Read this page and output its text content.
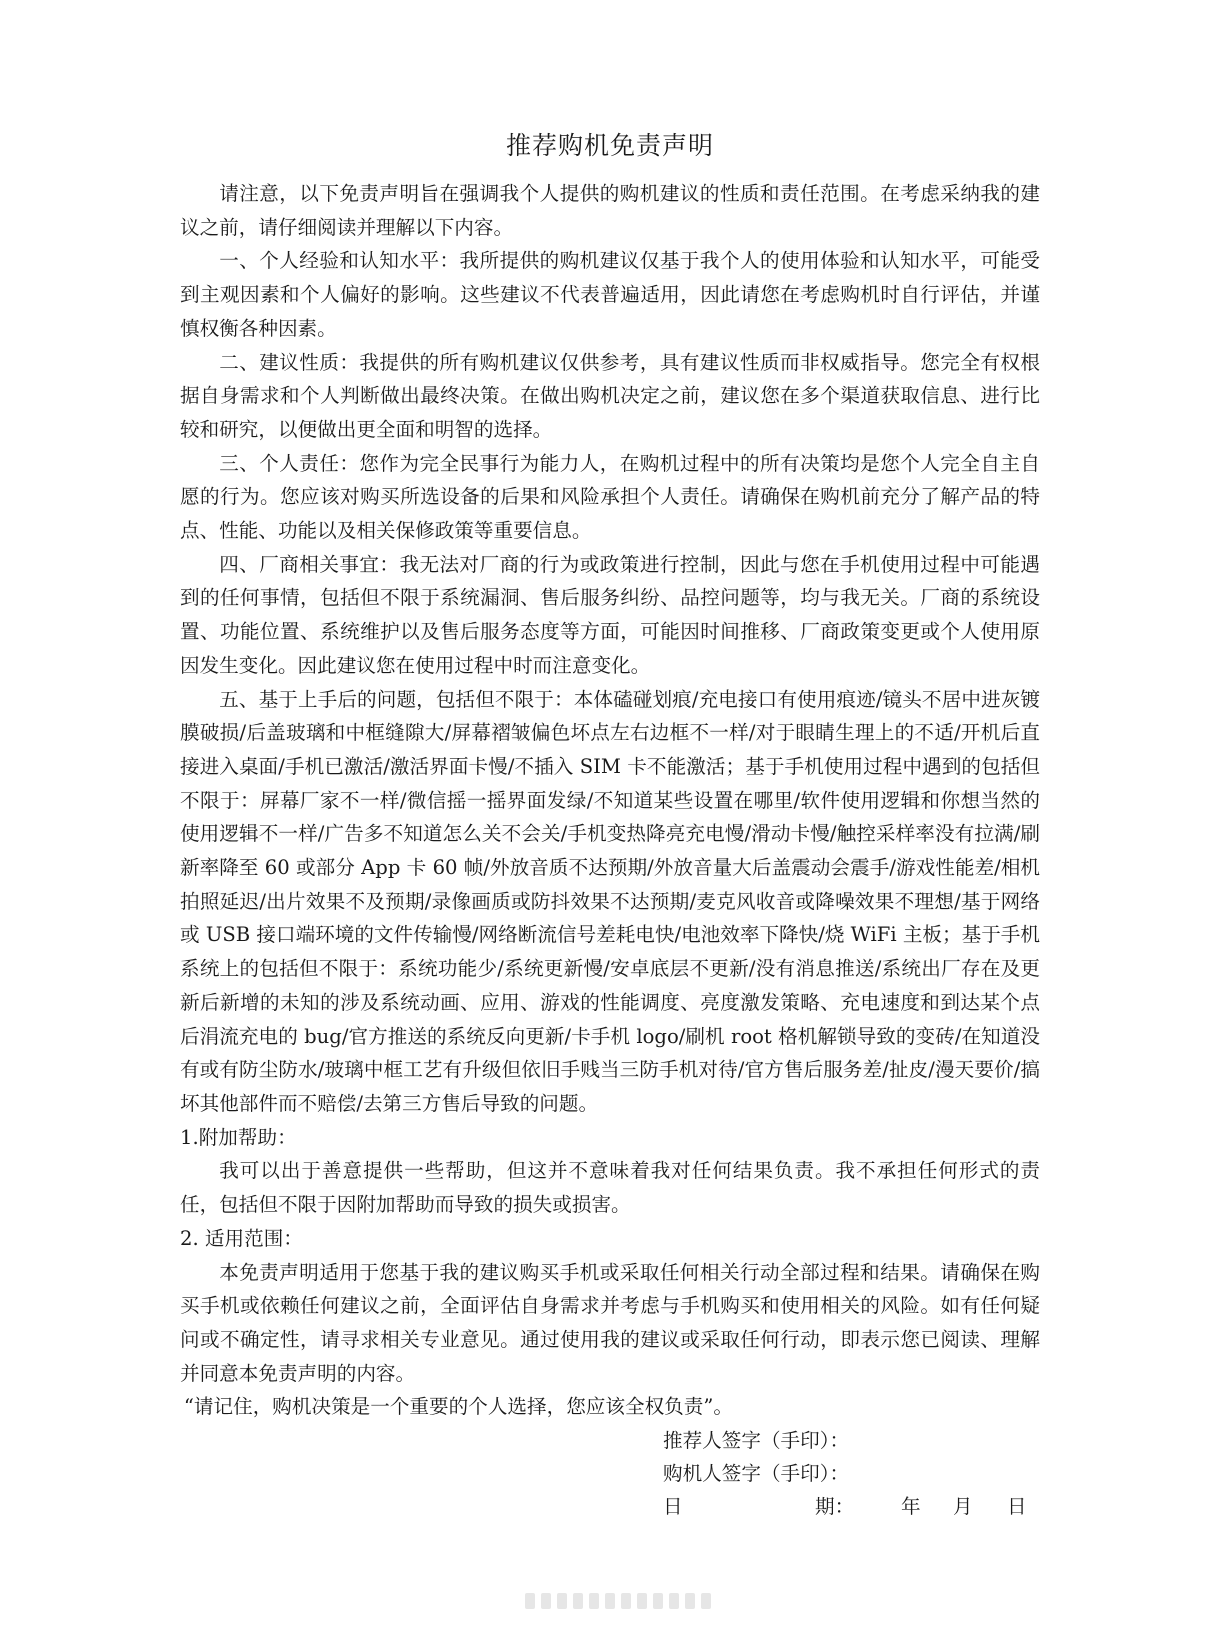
推荐购机免责声明

请注意，以下免责声明旨在强调我个人提供的购机建议的性质和责任范围。在考虑采纳我的建议之前，请仔细阅读并理解以下内容。

一、个人经验和认知水平：我所提供的购机建议仅基于我个人的使用体验和认知水平，可能受到主观因素和个人偏好的影响。这些建议不代表普遍适用，因此请您在考虑购机时自行评估，并谨慎权衡各种因素。

二、建议性质：我提供的所有购机建议仅供参考，具有建议性质而非权威指导。您完全有权根据自身需求和个人判断做出最终决策。在做出购机决定之前，建议您在多个渠道获取信息、进行比较和研究，以便做出更全面和明智的选择。

三、个人责任：您作为完全民事行为能力人，在购机过程中的所有决策均是您个人完全自主自愿的行为。您应该对购买所选设备的后果和风险承担个人责任。请确保在购机前充分了解产品的特点、性能、功能以及相关保修政策等重要信息。

四、厂商相关事宜：我无法对厂商的行为或政策进行控制，因此与您在手机使用过程中可能遇到的任何事情，包括但不限于系统漏洞、售后服务纠纷、品控问题等，均与我无关。厂商的系统设置、功能位置、系统维护以及售后服务态度等方面，可能因时间推移、厂商政策变更或个人使用原因发生变化。因此建议您在使用过程中时而注意变化。

五、基于上手后的问题，包括但不限于：本体磕碰划痕/充电接口有使用痕迹/镜头不居中进灰镀膜破损/后盖玻璃和中框缝隙大/屏幕褶皱偏色坏点左右边框不一样/对于眼睛生理上的不适/开机后直接进入桌面/手机已激活/激活界面卡慢/不插入 SIM 卡不能激活；基于手机使用过程中遇到的包括但不限于：屏幕厂家不一样/微信摇一摇界面发绿/不知道某些设置在哪里/软件使用逻辑和你想当然的使用逻辑不一样/广告多不知道怎么关不会关/手机变热降亮充电慢/滑动卡慢/触控采样率没有拉满/刷新率降至 60 或部分 App 卡 60 帧/外放音质不达预期/外放音量大后盖震动会震手/游戏性能差/相机拍照延迟/出片效果不及预期/录像画质或防抖效果不达预期/麦克风收音或降噪效果不理想/基于网络或 USB 接口端环境的文件传输慢/网络断流信号差耗电快/电池效率下降快/烧 WiFi 主板；基于手机系统上的包括但不限于：系统功能少/系统更新慢/安卓底层不更新/没有消息推送/系统出厂存在及更新后新增的未知的涉及系统动画、应用、游戏的性能调度、亮度激发策略、充电速度和到达某个点后涓流充电的 bug/官方推送的系统反向更新/卡手机 logo/刷机 root 格机解锁导致的变砖/在知道没有或有防尘防水/玻璃中框工艺有升级但依旧手贱当三防手机对待/官方售后服务差/扯皮/漫天要价/搞坏其他部件而不赔偿/去第三方售后导致的问题。

1.附加帮助：

我可以出于善意提供一些帮助，但这并不意味着我对任何结果负责。我不承担任何形式的责任，包括但不限于因附加帮助而导致的损失或损害。

2. 适用范围：

本免责声明适用于您基于我的建议购买手机或采取任何相关行动全部过程和结果。请确保在购买手机或依赖任何建议之前，全面评估自身需求并考虑与手机购买和使用相关的风险。如有任何疑问或不确定性，请寻求相关专业意见。通过使用我的建议或采取任何行动，即表示您已阅读、理解并同意本免责声明的内容。

“请记住，购机决策是一个重要的个人选择，您应该全权负责”。

推荐人签字（手印）：
购机人签字（手印）：
日	期： 年 月 日
